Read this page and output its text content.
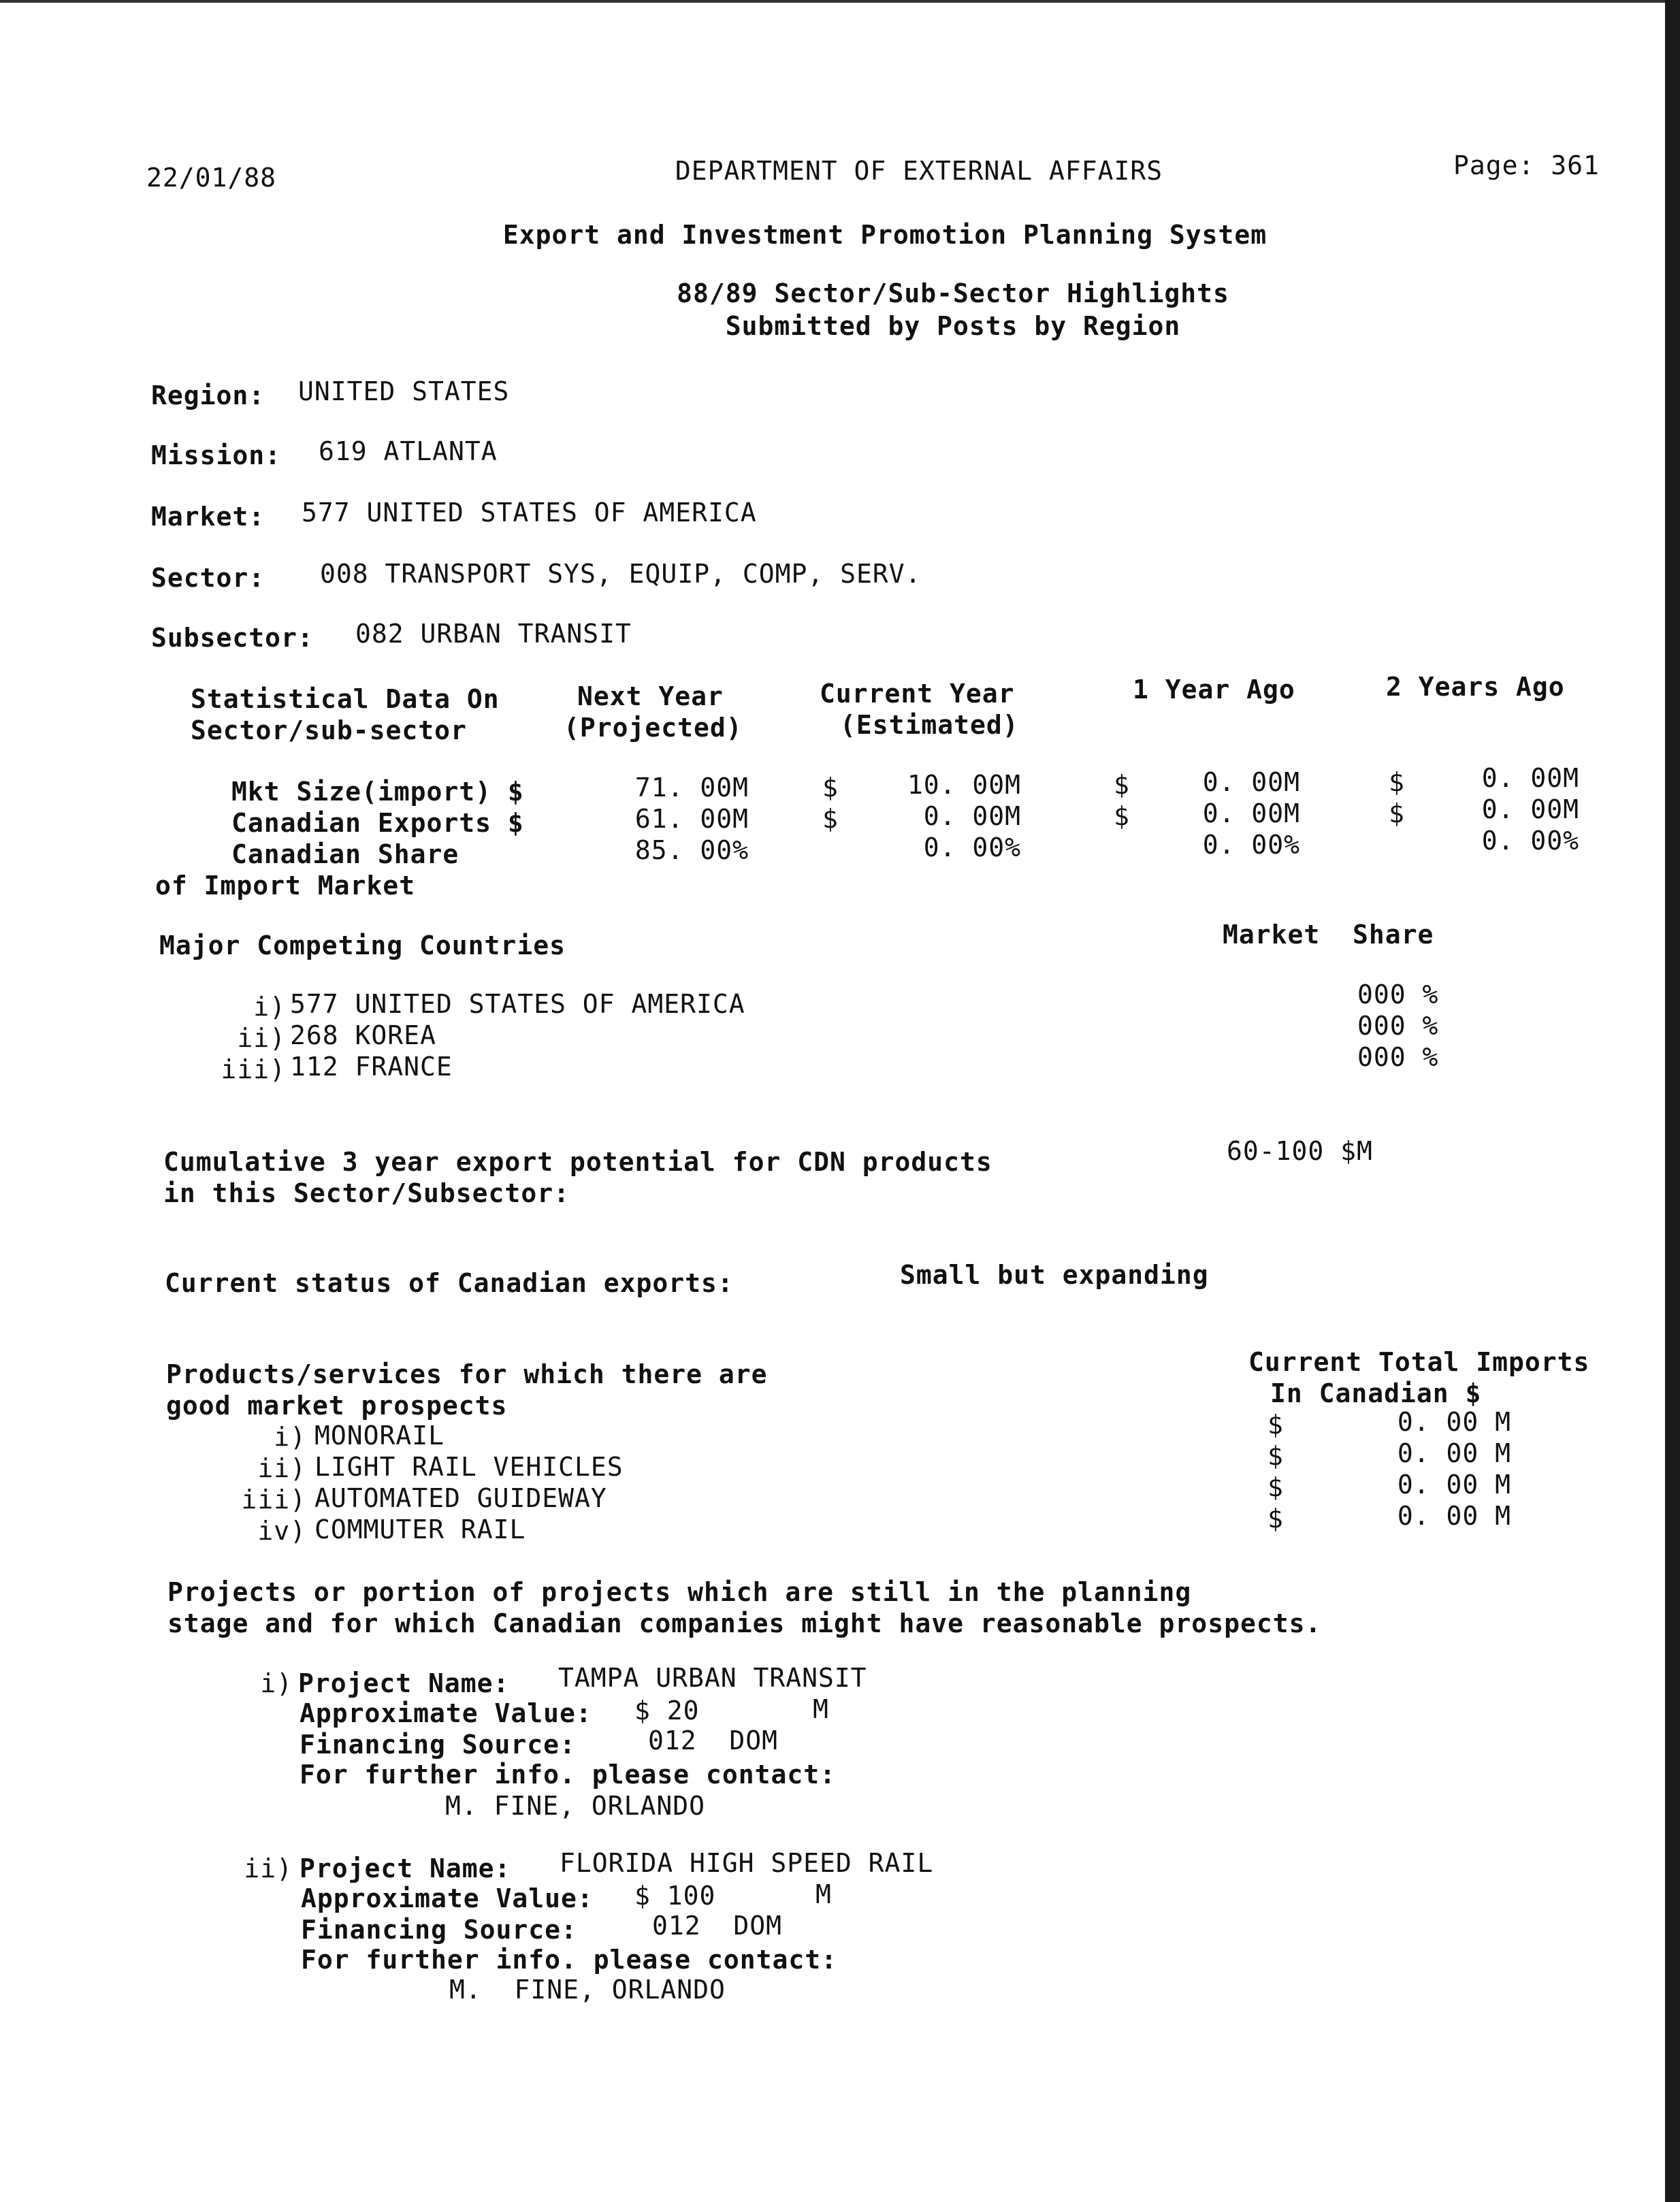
22/01/88	DEPARTMENT OF EXTERNAL AFFAIRS	Page: 361
Export and Investment Promotion Planning System
88/89 Sector/Sub-Sector Highlights
Submitted by Posts by Region
Region: UNITED STATES
Mission: 619 ATLANTA
Market: 577 UNITED STATES OF AMERICA
Sector: 008 TRANSPORT SYS, EQUIP, COMP, SERV.
Subsector: 082 URBAN TRANSIT
Statistical Data On
Sector/sub-sector
Next Year
(Projected)
Current Year
(Estimated)
1 Year Ago	2 Years Ago
Mkt Size(import) $	71. 00M	$	10. 00M	$	0. 00M	$	0. 00M
Canadian Exports $	61. 00M	$	0. 00M	$	0. 00M	$	0. 00M
Canadian Share	85. 00%	0. 00%	0. 00%	0. 00%
of Import Market
Major Competing Countries	Market  Share
i) 577 UNITED STATES OF AMERICA	000 %
ii) 268 KOREA	000 %
iii) 112 FRANCE	000 %
Cumulative 3 year export potential for CDN products
in this Sector/Subsector:
60-100 $M
Current status of Canadian exports:	Small but expanding
Products/services for which there are
good market prospects
Current Total Imports
In Canadian $
i) MONORAIL	$	0. 00 M
ii) LIGHT RAIL VEHICLES	$	0. 00 M
iii) AUTOMATED GUIDEWAY	$	0. 00 M
iv) COMMUTER RAIL	$	0. 00 M
Projects or portion of projects which are still in the planning
stage and for which Canadian companies might have reasonable prospects.
i) Project Name: TAMPA URBAN TRANSIT
Approximate Value: $ 20	M
Financing Source:	012  DOM
For further info. please contact:
M. FINE, ORLANDO
ii) Project Name: FLORIDA HIGH SPEED RAIL
Approximate Value: $ 100	M
Financing Source:	012  DOM
For further info. please contact:
M.  FINE, ORLANDO
